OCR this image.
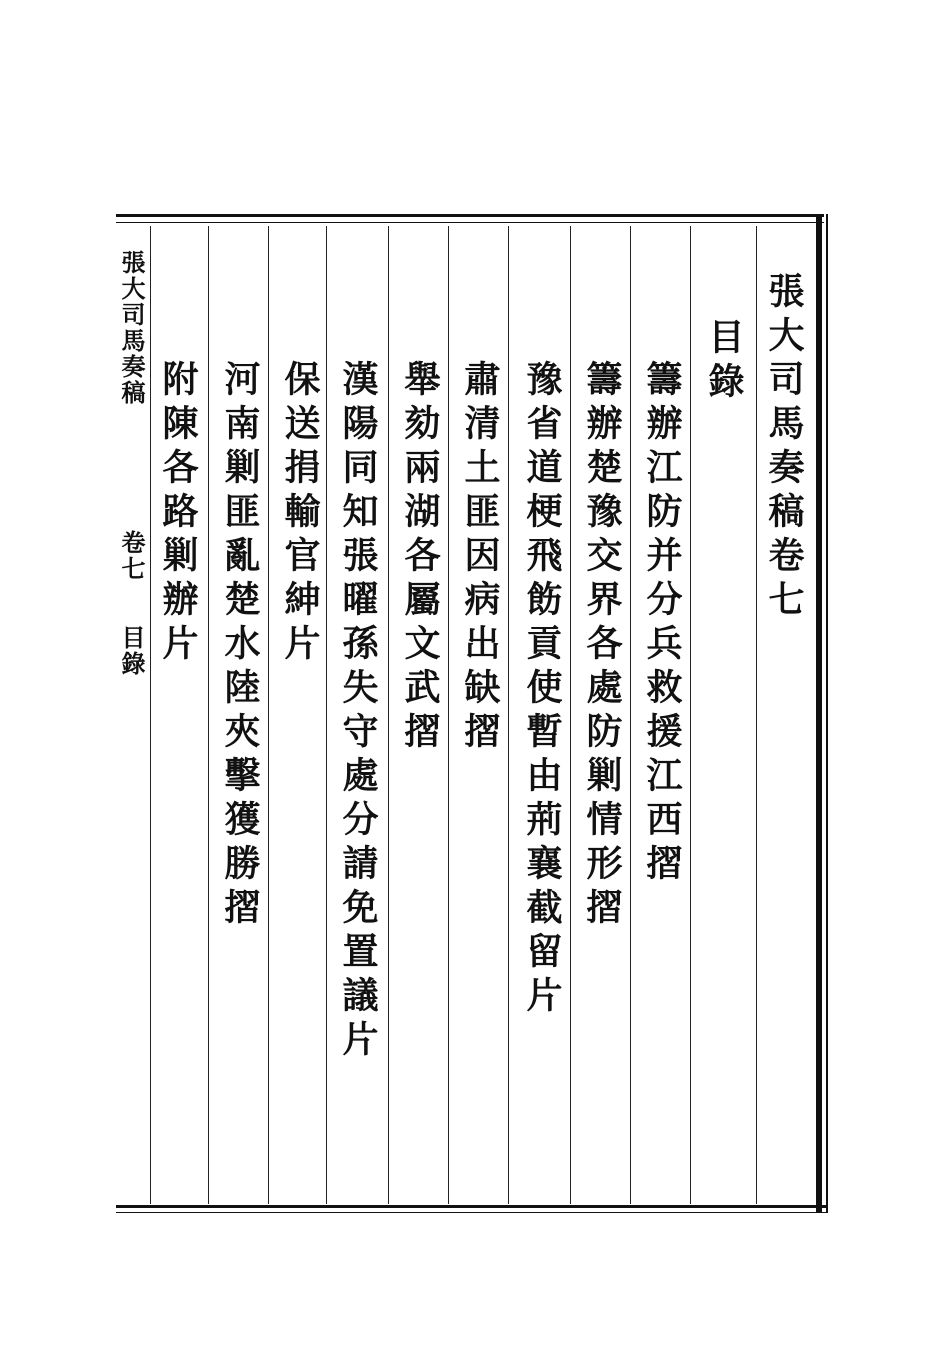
張大司馬奏稿卷七
目錄
籌辦江防并分兵救援江西摺
籌辦楚豫交界各處防剿情形摺
豫省道梗飛飭貢使暫由荊襄截留片
肅清土匪因病出缺摺
舉劾兩湖各屬文武摺
漢陽同知張曜孫失守處分請免置議片
保送捐輸官紳片
河南剿匪亂楚水陸夾擊獲勝摺
附陳各路剿辦片
張大司馬奏稿
卷七
目錄
